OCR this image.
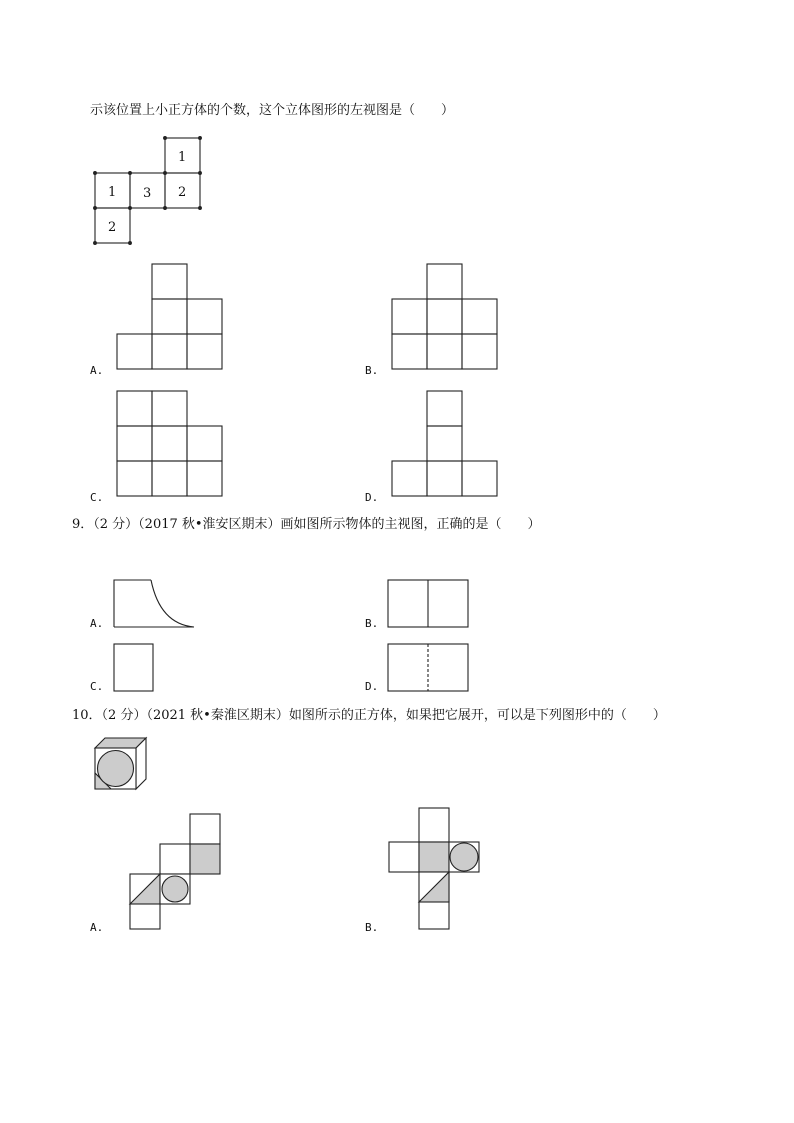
示该位置上小正方体的个数，这个立体图形的左视图是（　　）
1
1 3 2
2
A.	B.
C.	D.
9．（2 分）（2017 秋•淮安区期末）画如图所示物体的主视图，正确的是（　　）
A.	B.
C.	D.
10．（2 分）（2021 秋•秦淮区期末）如图所示的正方体，如果把它展开，可以是下列图形中的（　　）
A.	B.
